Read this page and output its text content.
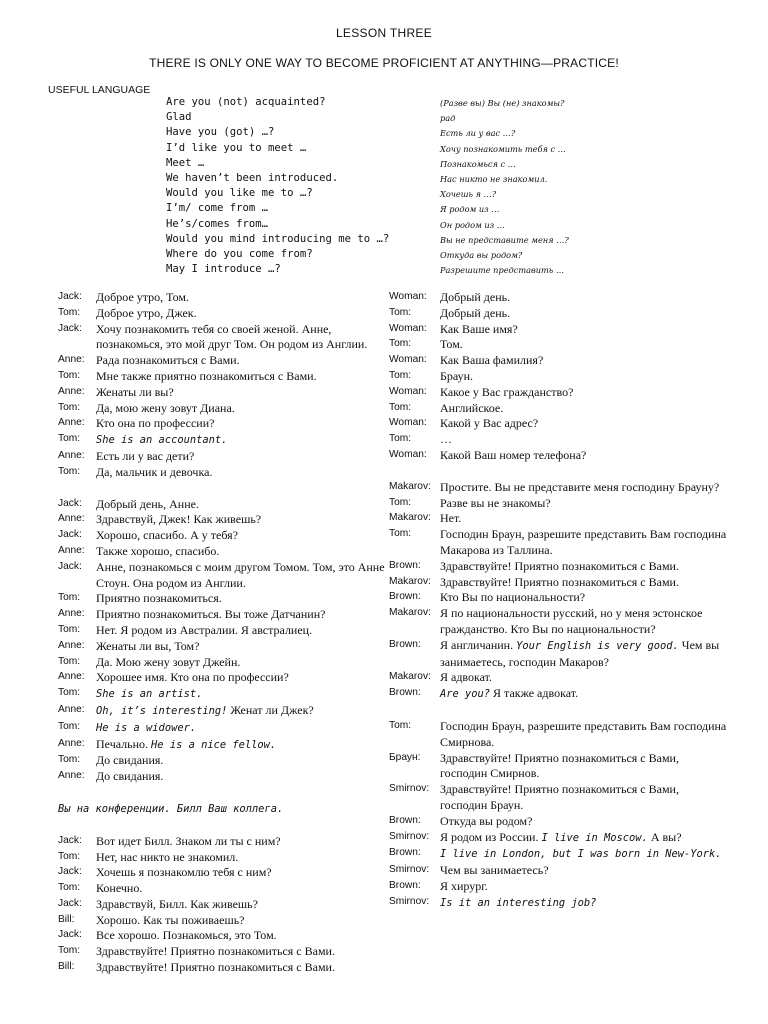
LESSON THREE
THERE IS ONLY ONE WAY TO BECOME PROFICIENT AT ANYTHING—PRACTICE!
USEFUL LANGUAGE
Are you (not) acquainted?	(Разве вы) Вы (не) знакомы?
Glad	рад
Have you (got) …?	Есть ли у вас …?
I’d like you to meet …	Хочу познакомить тебя с …
Meet …	Познакомься с …
We haven’t been introduced.	Нас никто не знакомил.
Would you like me to …?	Хочешь я …?
I’m/ come from …	Я родом из …
He’s/comes from…	Он родом из …
Would you mind introducing me to …?	Вы не представите меня …?
Where do you come from?	Откуда вы родом?
May I introduce …?	Разрешите представить …
Jack:	Доброе утро, Том.
Tom:	Доброе утро, Джек.
Jack:	Хочу познакомить тебя со своей женой. Анне, познакомься, это мой друг Том. Он родом из Англии.
Anne: Рада познакомиться с Вами.
Tom:	Мне также приятно познакомиться с Вами.
Anne: Женаты ли вы?
Tom:	Да, мою жену зовут Диана.
Anne: Кто она по профессии?
Tom:	She is an accountant.
Anne: Есть ли у вас дети?
Tom:	Да, мальчик и девочка.
Jack:	Добрый день, Анне.
Anne: Здравствуй, Джек! Как живешь?
Jack:	Хорошо, спасибо. А у тебя?
Anne: Также хорошо, спасибо.
Jack:	Анне, познакомься с моим другом Томом. Том, это Анне Стоун. Она родом из Англии.
Tom:	Приятно познакомиться.
Anne: Приятно познакомиться. Вы тоже Датчанин?
Tom:	Нет. Я родом из Австралии. Я австралиец.
Anne: Женаты ли вы, Том?
Tom:	Да. Мою жену зовут Джейн.
Anne: Хорошее имя. Кто она по профессии?
Tom:	She is an artist.
Anne:	Oh, it’s interesting! Женат ли Джек?
Tom:	He is a widower.
Anne: Печально. He is a nice fellow.
Tom:	До свидания.
Anne: До свидания.
Вы на конференции. Билл Ваш коллега.
Jack:	Вот идет Билл. Знаком ли ты с ним?
Tom:	Нет, нас никто не знакомил.
Jack:	Хочешь я познакомлю тебя с ним?
Tom:	Конечно.
Jack:	Здравствуй, Билл. Как живешь?
Bill:	Хорошо. Как ты поживаешь?
Jack:	Все хорошо. Познакомься, это Том.
Tom:	Здравствуйте! Приятно познакомиться с Вами.
Bill:	Здравствуйте! Приятно познакомиться с Вами.
Woman:	Добрый день.
Tom:	Добрый день.
Woman:	Как Ваше имя?
Tom:	Том.
Woman:	Как Ваша фамилия?
Tom:	Браун.
Woman:	Какое у Вас гражданство?
Tom:	Английское.
Woman:	Какой у Вас адрес?
Tom:	…
Woman:	Какой Ваш номер телефона?
Makarov: Простите. Вы не представите меня господину Брауну?
Tom:	Разве вы не знакомы?
Makarov: Нет.
Tom:	Господин Браун, разрешите представить Вам господина Макарова из Таллина.
Brown:	Здравствуйте! Приятно познакомиться с Вами.
Makarov: Здравствуйте! Приятно познакомиться с Вами.
Brown:	Кто Вы по национальности?
Makarov: Я по национальности русский, но у меня эстонское гражданство. Кто Вы по национальности?
Brown:	Я англичанин. Your English is very good. Чем вы занимаетесь, господин Макаров?
Makarov: Я адвокат.
Brown:	Are you? Я также адвокат.
Tom:	Господин Браун, разрешите представить Вам господина Смирнова.
Браун:	Здравствуйте! Приятно познакомиться с Вами, господин Смирнов.
Smirnov: Здравствуйте! Приятно познакомиться с Вами, господин Браун.
Brown:	Откуда вы родом?
Smirnov: Я родом из России. I live in Moscow. А вы?
Brown:	I live in London, but I was born in New-York.
Smirnov: Чем вы занимаетесь?
Brown:	Я хирург.
Smirnov:	Is it an interesting job?
